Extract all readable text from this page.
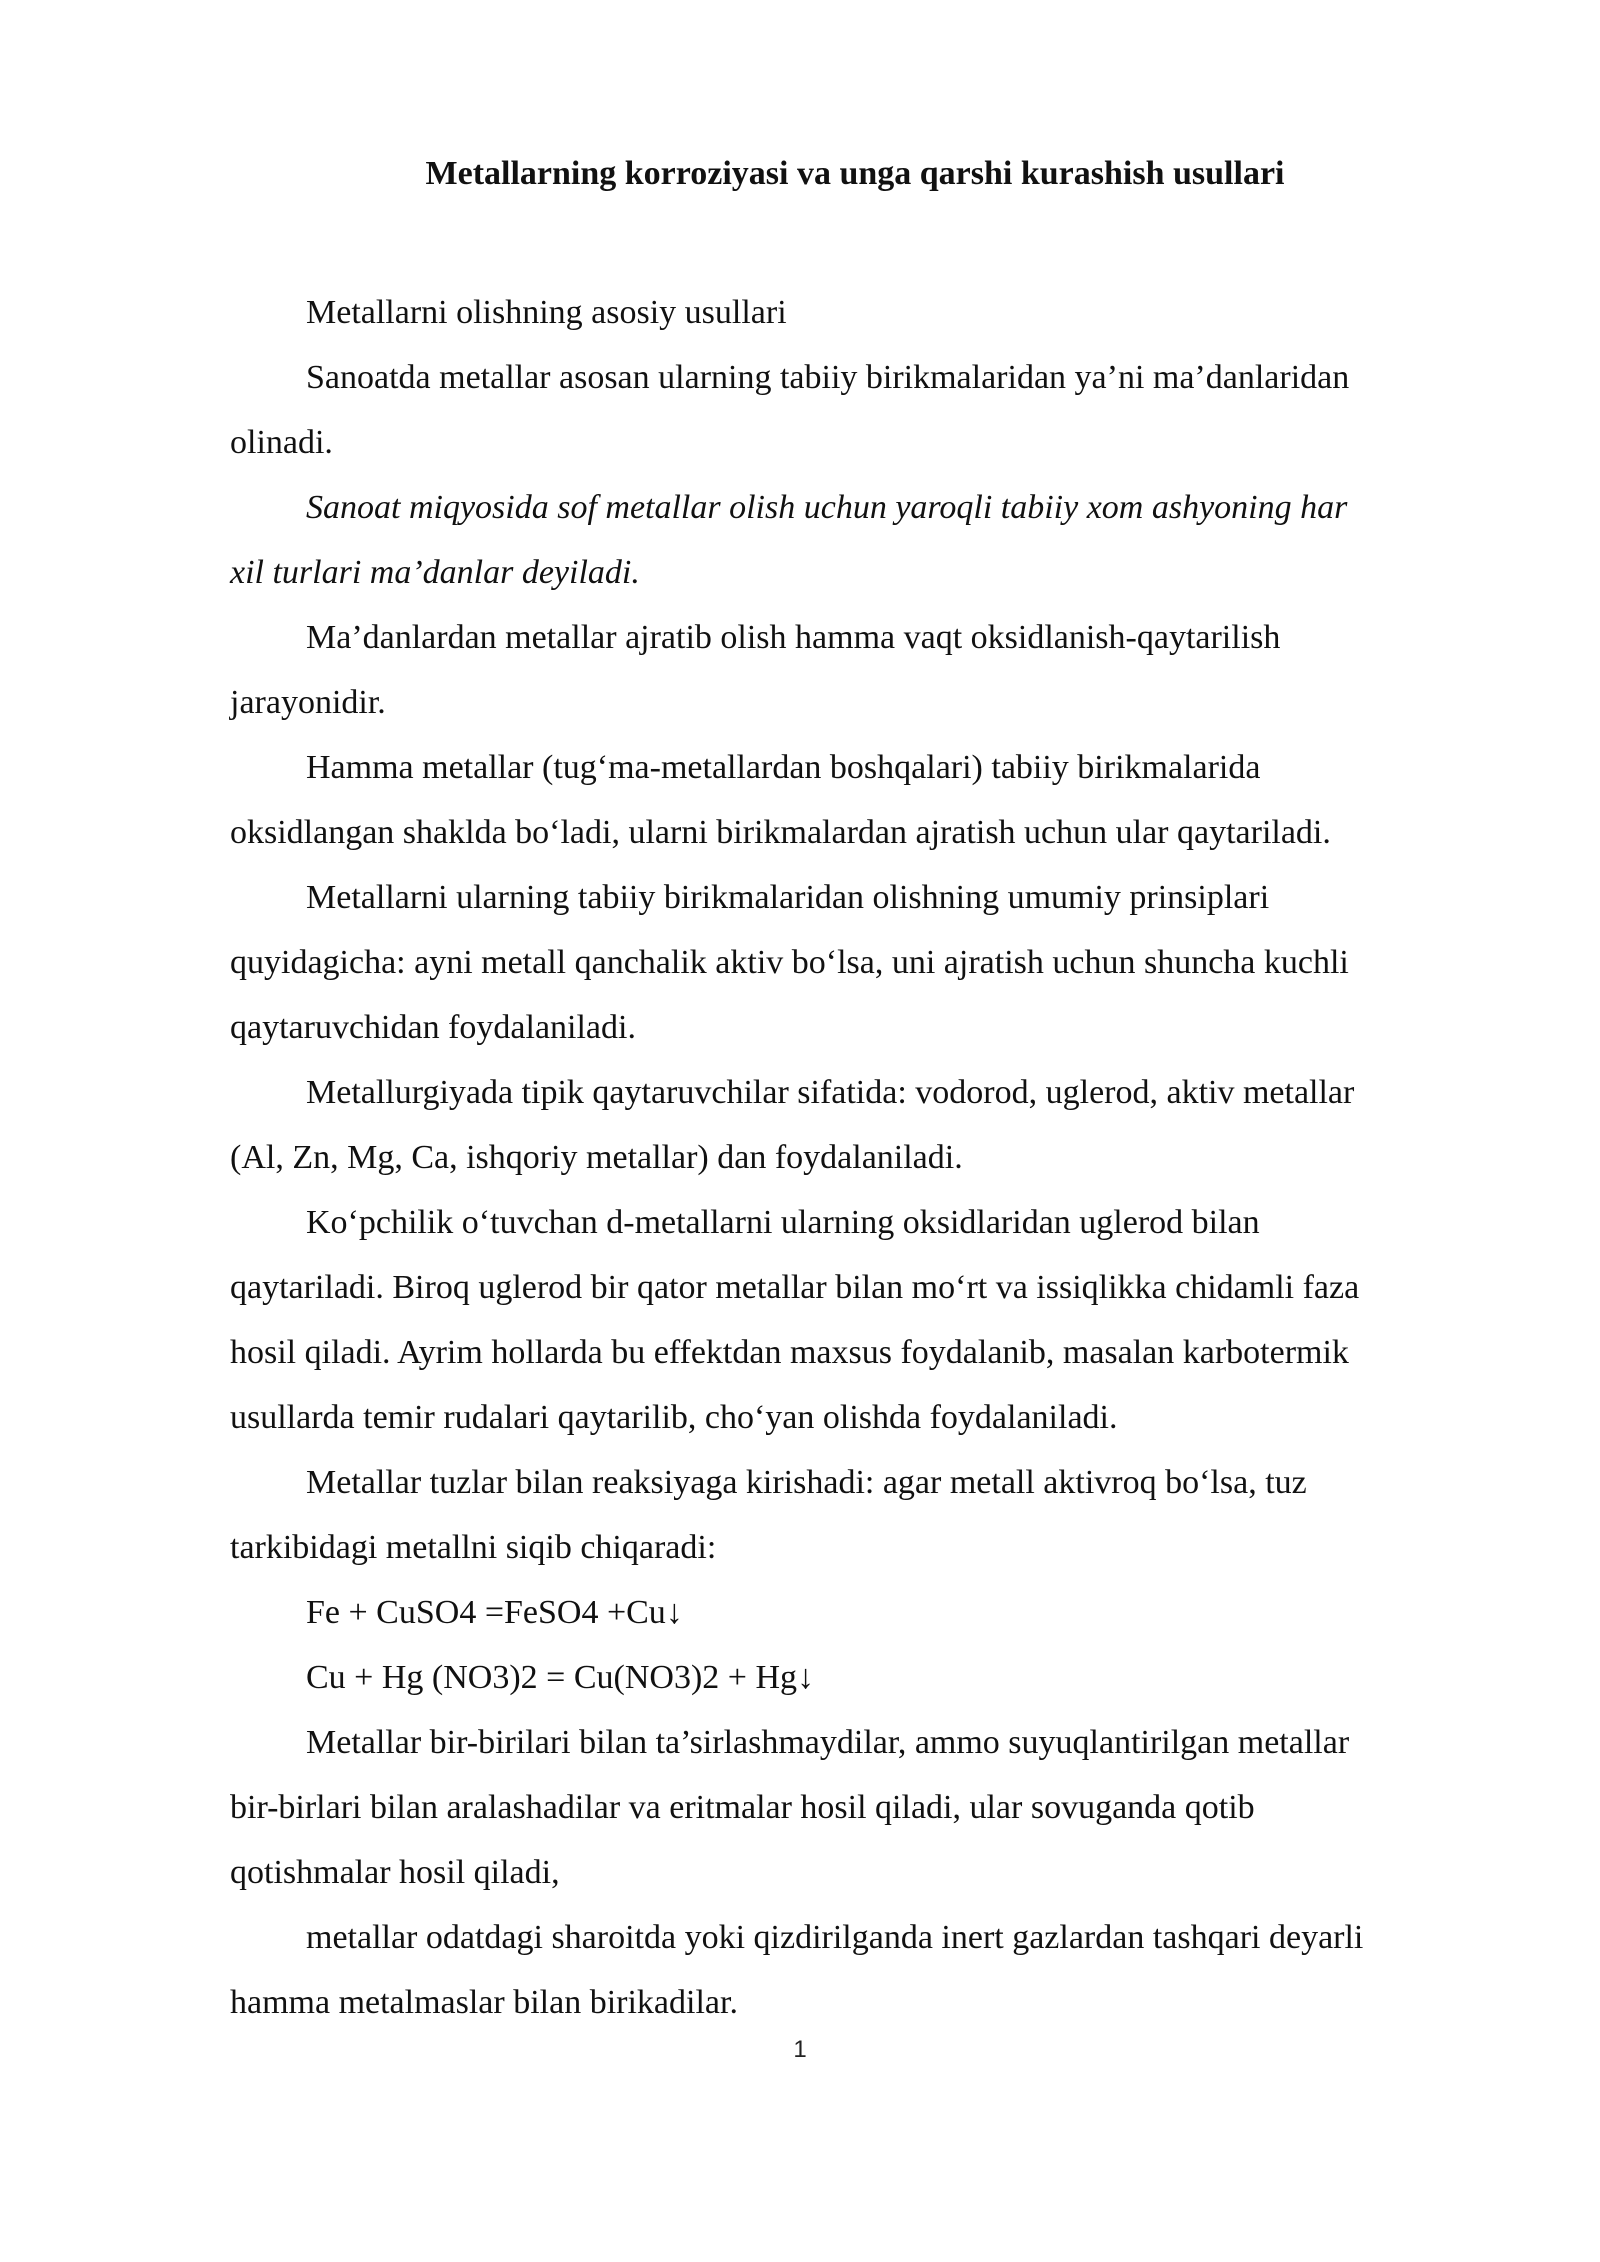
Metallarning korroziyasi va unga qarshi kurashish usullari
Metallarni olishning asosiy usullari
Sanoatda metallar asosan ularning tabiiy birikmalaridan ya’ni ma’danlaridan
olinadi.
Sanoat miqyosida sof metallar olish uchun yaroqli tabiiy xom ashyoning har
xil turlari ma’danlar deyiladi.
Ma’danlardan metallar ajratib olish hamma vaqt oksidlanish-qaytarilish
jarayonidir.
Hamma metallar (tug‘ma-metallardan boshqalari) tabiiy birikmalarida
oksidlangan shaklda bo‘ladi, ularni birikmalardan ajratish uchun ular qaytariladi.
Metallarni ularning tabiiy birikmalaridan olishning umumiy prinsiplari
quyidagicha: ayni metall qanchalik aktiv bo‘lsa, uni ajratish uchun shuncha kuchli
qaytaruvchidan foydalaniladi.
Metallurgiyada tipik qaytaruvchilar sifatida: vodorod, uglerod, aktiv metallar
(Al, Zn, Mg, Ca, ishqoriy metallar) dan foydalaniladi.
Ko‘pchilik o‘tuvchan d-metallarni ularning oksidlaridan uglerod bilan
qaytariladi. Biroq uglerod bir qator metallar bilan mo‘rt va issiqlikka chidamli faza
hosil qiladi. Ayrim hollarda bu effektdan maxsus foydalanib, masalan karbotermik
usullarda temir rudalari qaytarilib, cho‘yan olishda foydalaniladi.
Metallar tuzlar bilan reaksiyaga kirishadi: agar metall aktivroq bo‘lsa, tuz
tarkibidagi metallni siqib chiqaradi:
Fe + CuSO4 =FeSO4 +Cu↓
Cu + Hg (NO3)2 = Cu(NO3)2 + Hg↓
Metallar bir-birilari bilan ta’sirlashmaydilar, ammo suyuqlantirilgan metallar
bir-birlari bilan aralashadilar va eritmalar hosil qiladi, ular sovuganda qotib
qotishmalar hosil qiladi,
metallar odatdagi sharoitda yoki qizdirilganda inert gazlardan tashqari deyarli
hamma metalmaslar bilan birikadilar.
1
